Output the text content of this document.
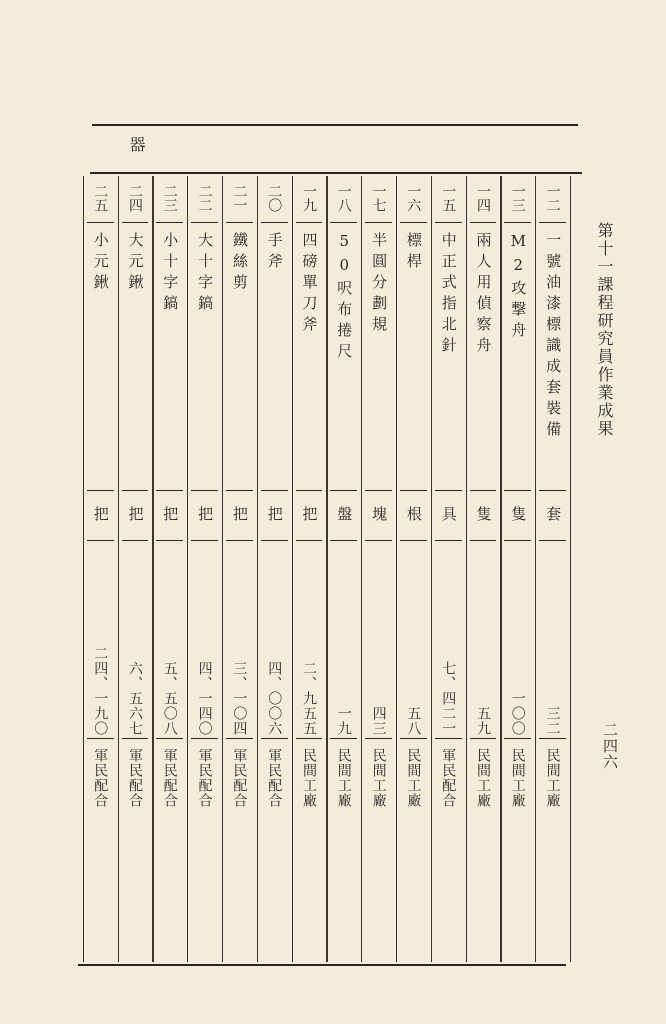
器
第十一課程研究員作業成果
二四六
一二
一號油漆標識成套裝備
套
三二
民間工廠
一三
M2攻撃舟
隻
一〇〇
民間工廠
一四
兩人用偵察舟
隻
五九
民間工廠
一五
中正式指北針
具
七、四二一
軍民配合
一六
標桿
根
五八
民間工廠
一七
半圓分劃規
塊
四三
民間工廠
一八
50呎布捲尺
盤
一九
民間工廠
一九
四磅單刀斧
把
二、九五五
民間工廠
二〇
手斧
把
四、〇〇六
軍民配合
二一
鐵絲剪
把
三、一〇四
軍民配合
二二
大十字鎬
把
四、一四〇
軍民配合
二三
小十字鎬
把
五、五〇八
軍民配合
二四
大元鍬
把
六、五六七
軍民配合
二五
小元鍬
把
二四、一九〇
軍民配合
